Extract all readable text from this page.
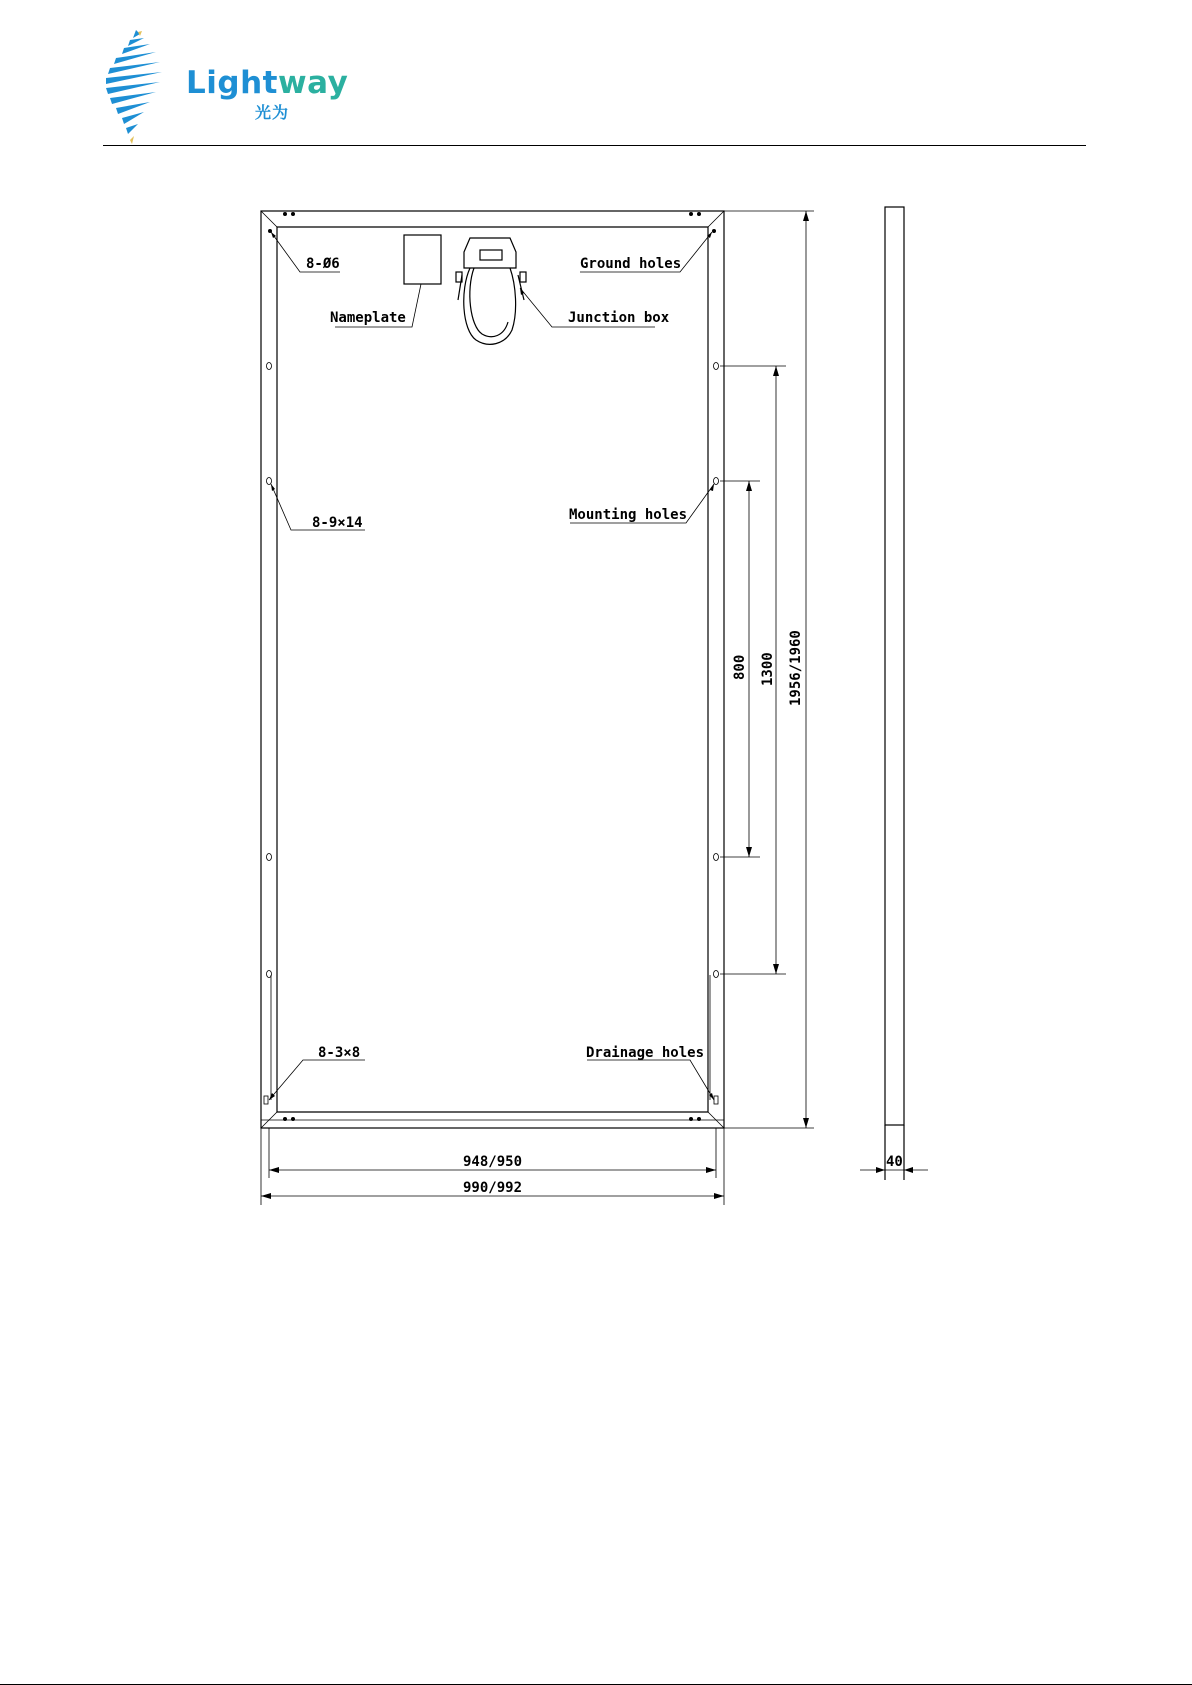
Lightway
光为
8-Ø6	Ground holes
Nameplate	Junction box
8-9×14	Mounting holes
8-3×8	Drainage holes
948/950
990/992
40
1956/1960
1300
800
